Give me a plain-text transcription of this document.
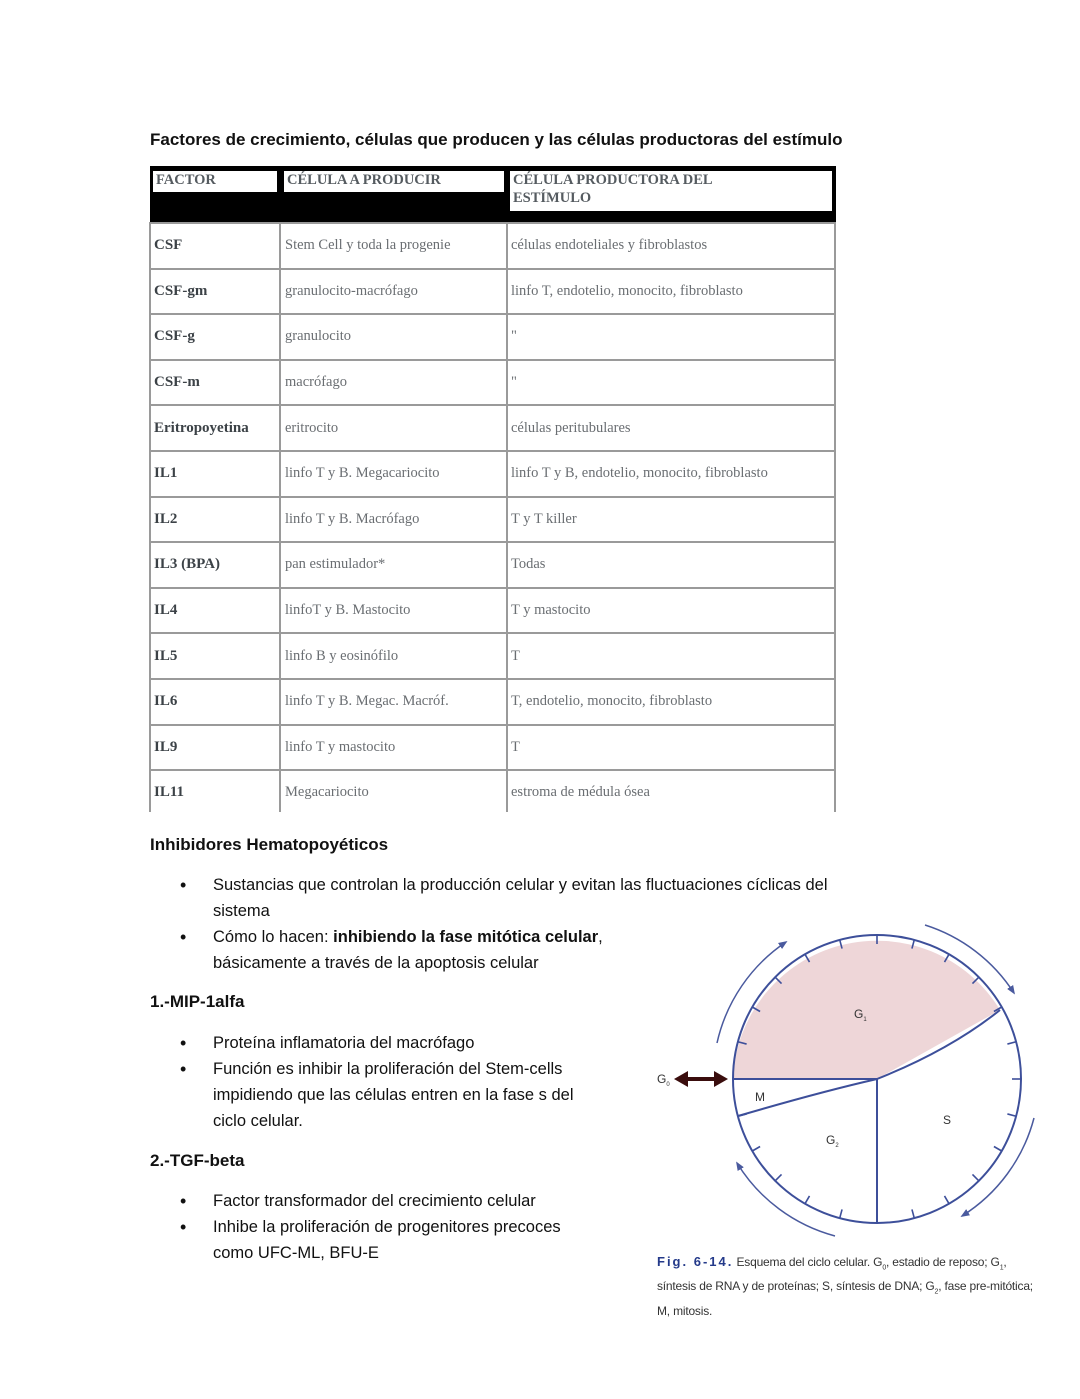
Factores de crecimiento, células que producen y las células productoras del estímulo
FACTOR	CÉLULA A PRODUCIR	CÉLULA PRODUCTORA DEL ESTÍMULO
CSF	Stem Cell y toda la progenie	células endoteliales y fibroblastos
CSF-gm	granulocito-macrófago	linfo T, endotelio, monocito, fibroblasto
CSF-g	granulocito	"
CSF-m	macrófago	"
Eritropoyetina	eritrocito	células peritubulares
IL1	linfo T y B. Megacariocito	linfo T y B, endotelio, monocito, fibroblasto
IL2	linfo T y B. Macrófago	T y T killer
IL3 (BPA)	pan estimulador*	Todas
IL4	linfoT y B. Mastocito	T y mastocito
IL5	linfo B y eosinófilo	T
IL6	linfo T y B. Megac. Macróf.	T, endotelio, monocito, fibroblasto
IL9	linfo T y mastocito	T
IL11	Megacariocito	estroma de médula ósea
Inhibidores Hematopoyéticos
• Sustancias que controlan la producción celular y evitan las fluctuaciones cíclicas del
sistema
• Cómo lo hacen: inhibiendo la fase mitótica celular,
básicamente a través de la apoptosis celular
1.-MIP-1alfa
• Proteína inflamatoria del macrófago
• Función es inhibir la proliferación del Stem-cells
impidiendo que las células entren en la fase s del
ciclo celular.
2.-TGF-beta
• Factor transformador del crecimiento celular
• Inhibe la proliferación de progenitores precoces
como UFC-ML, BFU-E
$G_0$
$G_1$
$G_2$
S
M
Fig. 6-14. Esquema del ciclo celular. $G_0$, estadio de reposo; $G_1$, síntesis de RNA y de proteínas; S, síntesis de DNA; $G_2$, fase pre-mitótica; M, mitosis.
